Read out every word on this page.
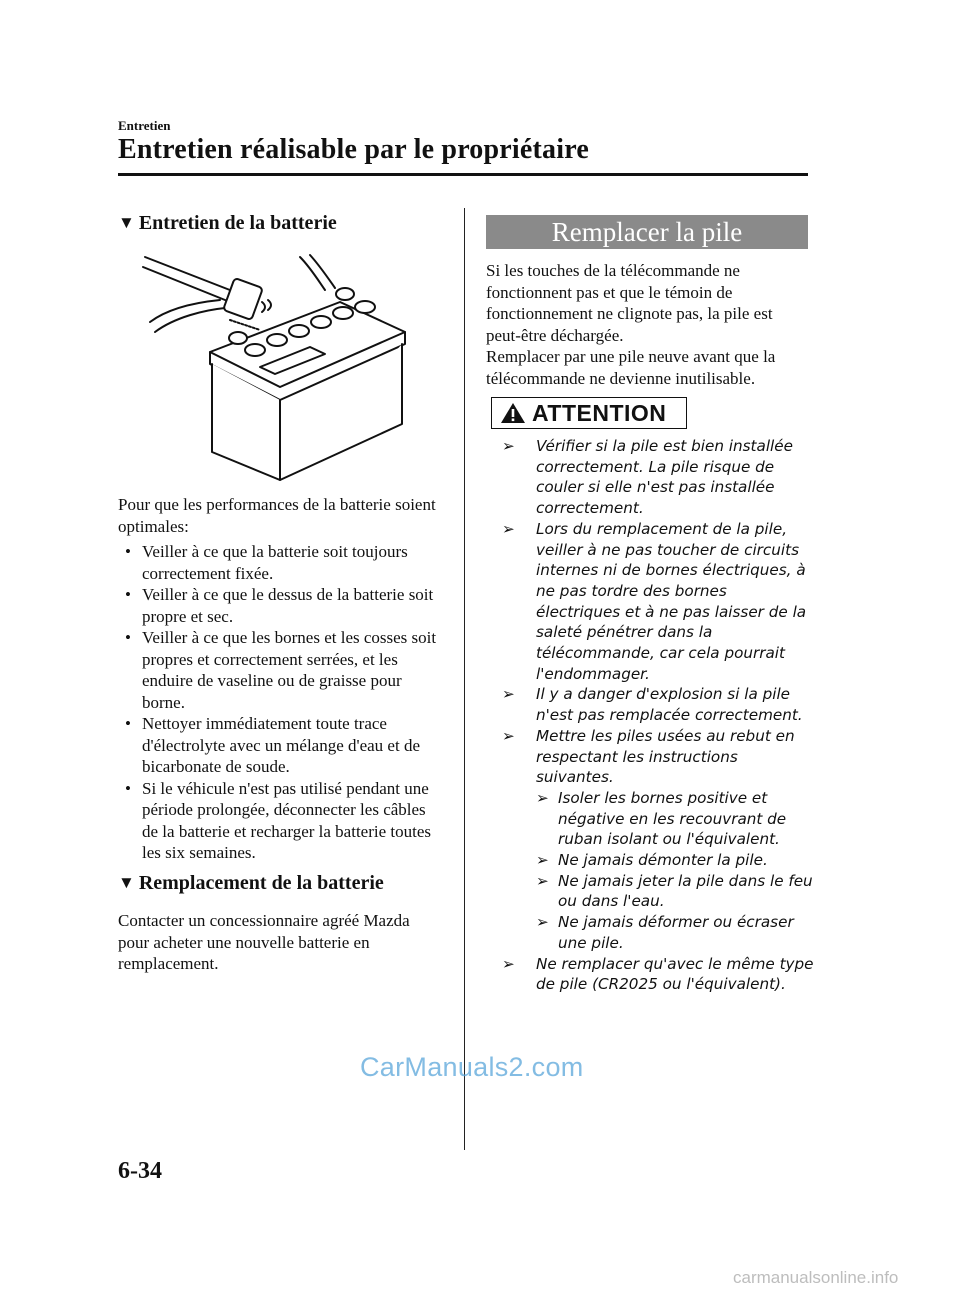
Entretien
Entretien réalisable par le propriétaire
▼ Entretien de la batterie
Pour que les performances de la batterie soient optimales:
• Veiller à ce que la batterie soit toujours correctement fixée.
• Veiller à ce que le dessus de la batterie soit propre et sec.
• Veiller à ce que les bornes et les cosses soit propres et correctement serrées, et les enduire de vaseline ou de graisse pour borne.
• Nettoyer immédiatement toute trace d'électrolyte avec un mélange d'eau et de bicarbonate de soude.
• Si le véhicule n'est pas utilisé pendant une période prolongée, déconnecter les câbles de la batterie et recharger la batterie toutes les six semaines.
▼ Remplacement de la batterie
Contacter un concessionnaire agréé Mazda pour acheter une nouvelle batterie en remplacement.
Remplacer la pile
Si les touches de la télécommande ne fonctionnent pas et que le témoin de fonctionnement ne clignote pas, la pile est peut-être déchargée.
Remplacer par une pile neuve avant que la télécommande ne devienne inutilisable.
ATTENTION
➢ Vérifier si la pile est bien installée correctement. La pile risque de couler si elle n'est pas installée correctement.
➢ Lors du remplacement de la pile, veiller à ne pas toucher de circuits internes ni de bornes électriques, à ne pas tordre des bornes électriques et à ne pas laisser de la saleté pénétrer dans la télécommande, car cela pourrait l'endommager.
➢ Il y a danger d'explosion si la pile n'est pas remplacée correctement.
➢ Mettre les piles usées au rebut en respectant les instructions suivantes.
➢ Isoler les bornes positive et négative en les recouvrant de ruban isolant ou l'équivalent.
➢ Ne jamais démonter la pile.
➢ Ne jamais jeter la pile dans le feu ou dans l'eau.
➢ Ne jamais déformer ou écraser une pile.
➢ Ne remplacer qu'avec le même type de pile (CR2025 ou l'équivalent).
CarManuals2.com
6-34
carmanualsonline.info
